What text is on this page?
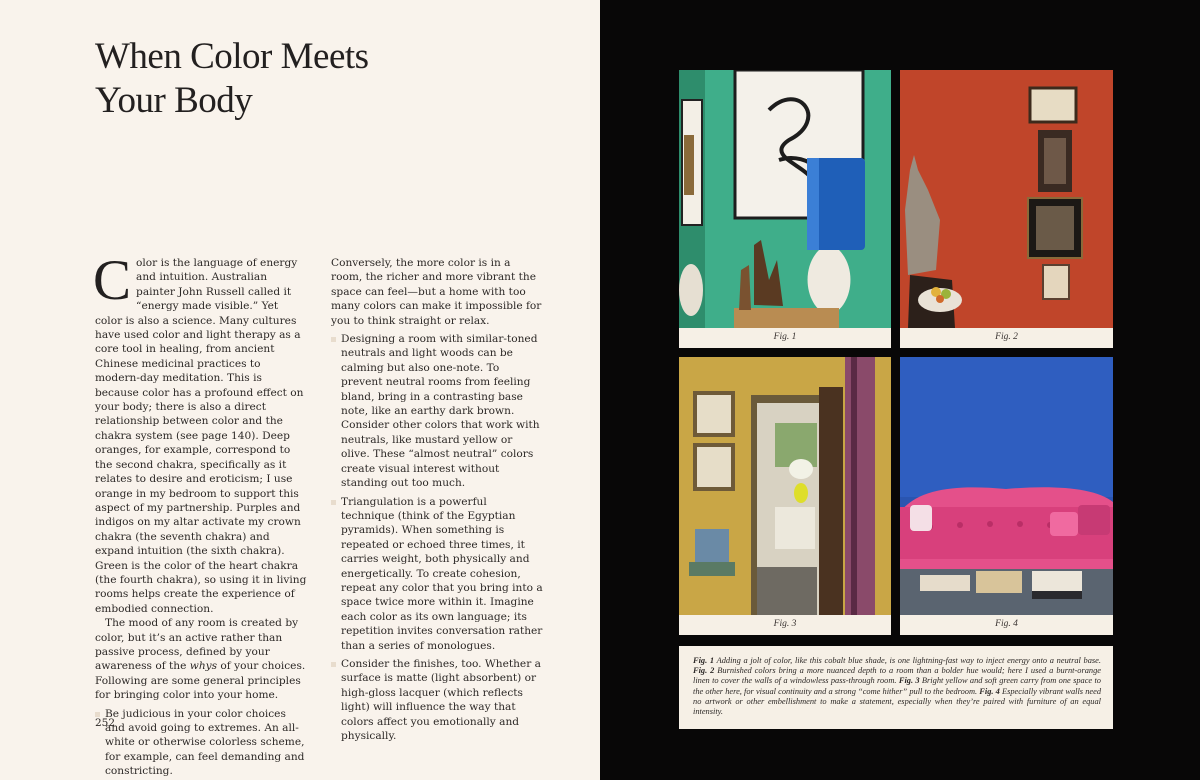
When Color Meets
Your Body

Color is the language of energy and intuition. Australian painter John Russell called it “energy made visible.” Yet color is also a science. Many cultures have used color and light therapy as a core tool in healing, from ancient Chinese medicinal practices to modern-day meditation. This is because color has a profound effect on your body; there is also a direct relationship between color and the chakra system (see page 140). Deep oranges, for example, correspond to the second chakra, specifically as it relates to desire and eroticism; I use orange in my bedroom to support this aspect of my partnership. Purples and indigos on my altar activate my crown chakra (the seventh chakra) and expand intuition (the sixth chakra). Green is the color of the heart chakra (the fourth chakra), so using it in living rooms helps create the experience of embodied connection.

The mood of any room is created by color, but it’s an active rather than passive process, defined by your awareness of the whys of your choices. Following are some general principles for bringing color into your home.

Be judicious in your color choices and avoid going to extremes. An all-white or otherwise colorless scheme, for example, can feel demanding and constricting.

Conversely, the more color is in a room, the richer and more vibrant the space can feel—but a home with too many colors can make it impossible for you to think straight or relax.

Designing a room with similar-toned neutrals and light woods can be calming but also one-note. To prevent neutral rooms from feeling bland, bring in a contrasting base note, like an earthy dark brown. Consider other colors that work with neutrals, like mustard yellow or olive. These “almost neutral” colors create visual interest without standing out too much.

Triangulation is a powerful technique (think of the Egyptian pyramids). When something is repeated or echoed three times, it carries weight, both physically and energetically. To create cohesion, repeat any color that you bring into a space twice more within it. Imagine each color as its own language; its repetition invites conversation rather than a series of monologues.

Consider the finishes, too. Whether a surface is matte (light absorbent) or high-gloss lacquer (which reflects light) will influence the way that colors affect you emotionally and physically.

252
Fig. 1	Fig. 2
Fig. 3	Fig. 4
Fig. 1 Adding a jolt of color, like this cobalt blue shade, is one lightning-fast way to inject energy onto a neutral base. Fig. 2 Burnished colors bring a more nuanced depth to a room than a bolder hue would; here I used a burnt-orange linen to cover the walls of a windowless pass-through room. Fig. 3 Bright yellow and soft green carry from one space to the other here, for visual continuity and a strong “come hither” pull to the bedroom. Fig. 4 Especially vibrant walls need no artwork or other embellishment to make a statement, especially when they’re paired with furniture of an equal intensity.
